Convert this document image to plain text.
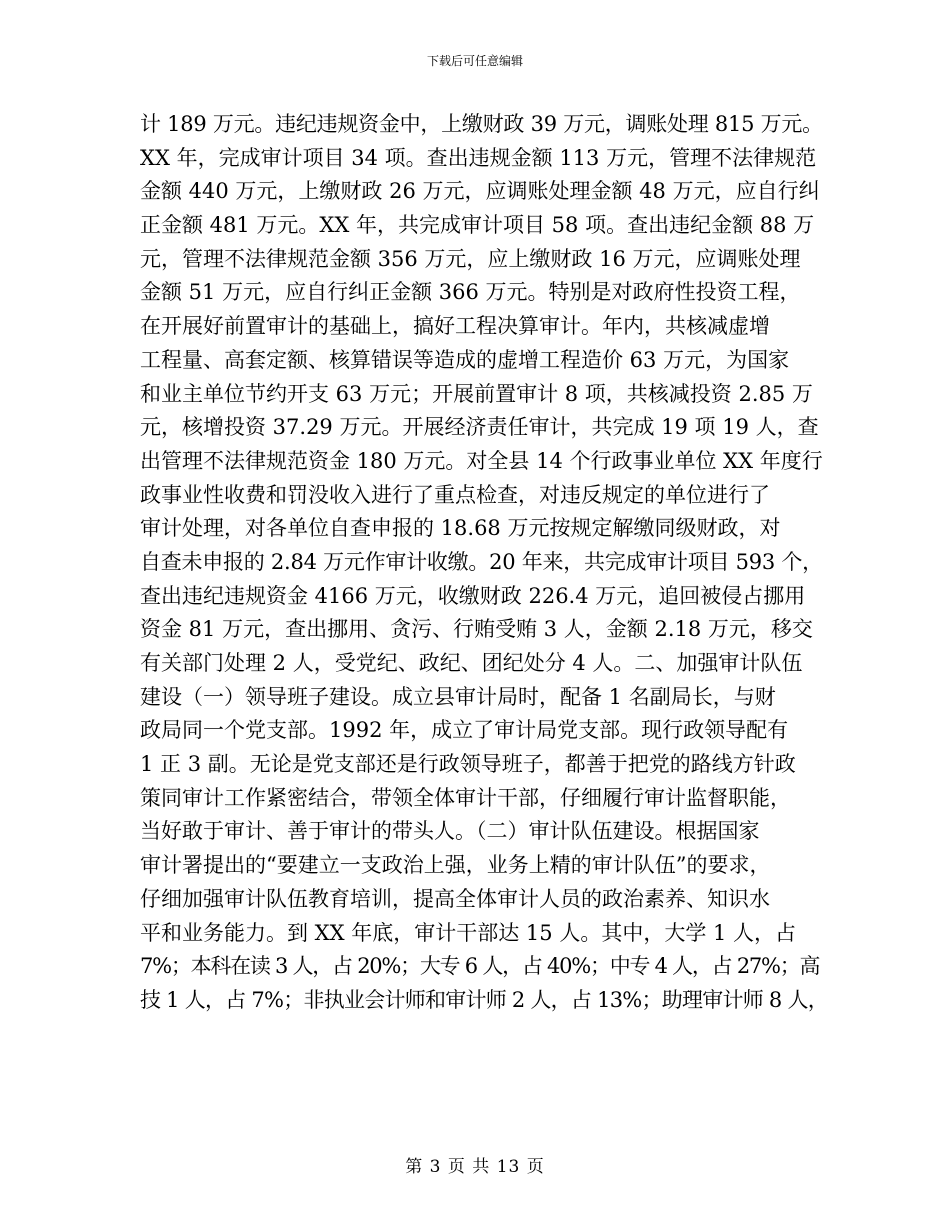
下载后可任意编辑
计 189 万元。违纪违规资金中，上缴财政 39 万元，调账处理 815 万元。
XX 年，完成审计项目 34 项。查出违规金额 113 万元，管理不法律规范
金额 440 万元，上缴财政 26 万元，应调账处理金额 48 万元，应自行纠
正金额 481 万元。XX 年，共完成审计项目 58 项。查出违纪金额 88 万
元，管理不法律规范金额 356 万元，应上缴财政 16 万元，应调账处理
金额 51 万元，应自行纠正金额 366 万元。特别是对政府性投资工程，
在开展好前置审计的基础上，搞好工程决算审计。年内，共核减虚增
工程量、高套定额、核算错误等造成的虚增工程造价 63 万元，为国家
和业主单位节约开支 63 万元；开展前置审计 8 项，共核减投资 2.85 万
元，核增投资 37.29 万元。开展经济责任审计，共完成 19 项 19 人，查
出管理不法律规范资金 180 万元。对全县 14 个行政事业单位 XX 年度行
政事业性收费和罚没收入进行了重点检查，对违反规定的单位进行了
审计处理，对各单位自查申报的 18.68 万元按规定解缴同级财政，对
自查未申报的 2.84 万元作审计收缴。20 年来，共完成审计项目 593 个，
查出违纪违规资金 4166 万元，收缴财政 226.4 万元，追回被侵占挪用
资金 81 万元，查出挪用、贪污、行贿受贿 3 人，金额 2.18 万元，移交
有关部门处理 2 人，受党纪、政纪、团纪处分 4 人。二、加强审计队伍
建设（一）领导班子建设。成立县审计局时，配备 1 名副局长，与财
政局同一个党支部。1992 年，成立了审计局党支部。现行政领导配有
1 正 3 副。无论是党支部还是行政领导班子，都善于把党的路线方针政
策同审计工作紧密结合，带领全体审计干部，仔细履行审计监督职能，
当好敢于审计、善于审计的带头人。（二）审计队伍建设。根据国家
审计署提出的“要建立一支政治上强，业务上精的审计队伍”的要求，
仔细加强审计队伍教育培训，提高全体审计人员的政治素养、知识水
平和业务能力。到 XX 年底，审计干部达 15 人。其中，大学 1 人，占
7%；本科在读 3 人，占 20%；大专 6 人，占 40%；中专 4 人，占 27%；高
技 1 人，占 7%；非执业会计师和审计师 2 人，占 13%；助理审计师 8 人，
第 3 页 共 13 页
